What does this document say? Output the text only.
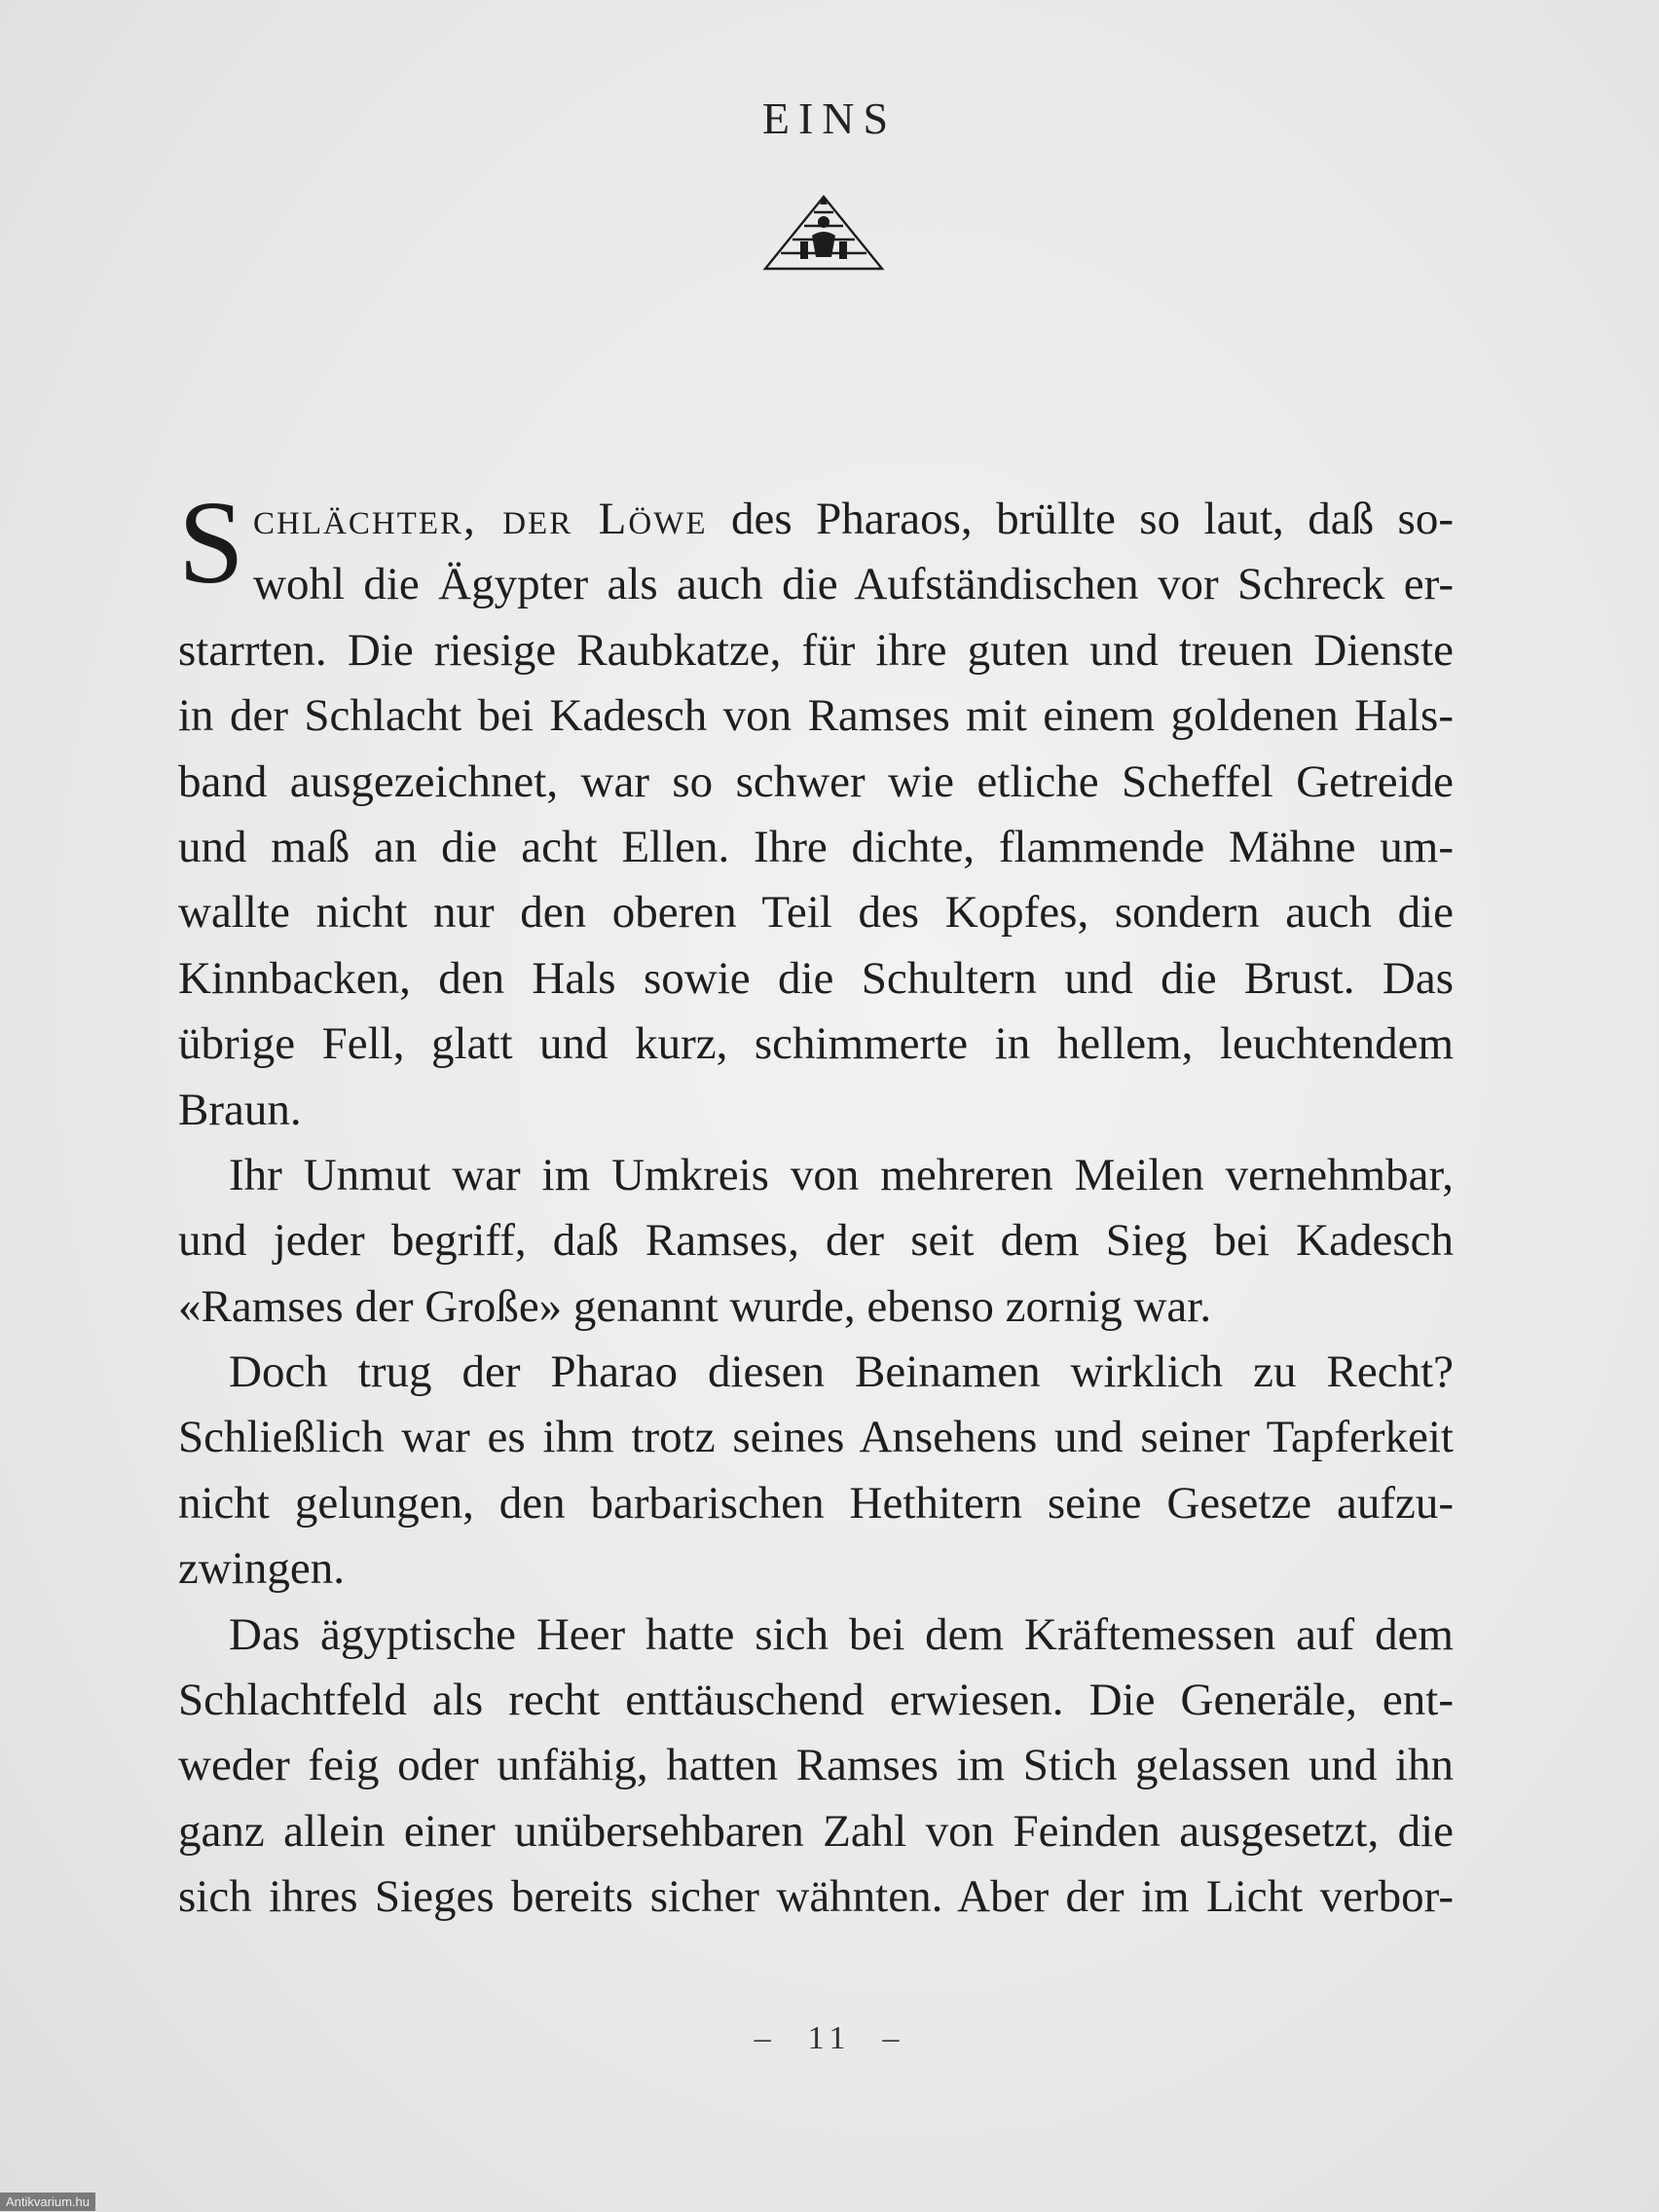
EINS
S chlächter, der Löwe des Pharaos, brüllte so laut, daß so-
wohl die Ägypter als auch die Aufständischen vor Schreck er-
starrten. Die riesige Raubkatze, für ihre guten und treuen Dienste
in der Schlacht bei Kadesch von Ramses mit einem goldenen Hals-
band ausgezeichnet, war so schwer wie etliche Scheffel Getreide
und maß an die acht Ellen. Ihre dichte, flammende Mähne um-
wallte nicht nur den oberen Teil des Kopfes, sondern auch die
Kinnbacken, den Hals sowie die Schultern und die Brust. Das
übrige Fell, glatt und kurz, schimmerte in hellem, leuchtendem
Braun.
Ihr Unmut war im Umkreis von mehreren Meilen vernehmbar,
und jeder begriff, daß Ramses, der seit dem Sieg bei Kadesch
«Ramses der Große» genannt wurde, ebenso zornig war.
Doch trug der Pharao diesen Beinamen wirklich zu Recht?
Schließlich war es ihm trotz seines Ansehens und seiner Tapferkeit
nicht gelungen, den barbarischen Hethitern seine Gesetze aufzu-
zwingen.
Das ägyptische Heer hatte sich bei dem Kräftemessen auf dem
Schlachtfeld als recht enttäuschend erwiesen. Die Generäle, ent-
weder feig oder unfähig, hatten Ramses im Stich gelassen und ihn
ganz allein einer unübersehbaren Zahl von Feinden ausgesetzt, die
sich ihres Sieges bereits sicher wähnten. Aber der im Licht verbor-
– 11 –
Antikvarium.hu
